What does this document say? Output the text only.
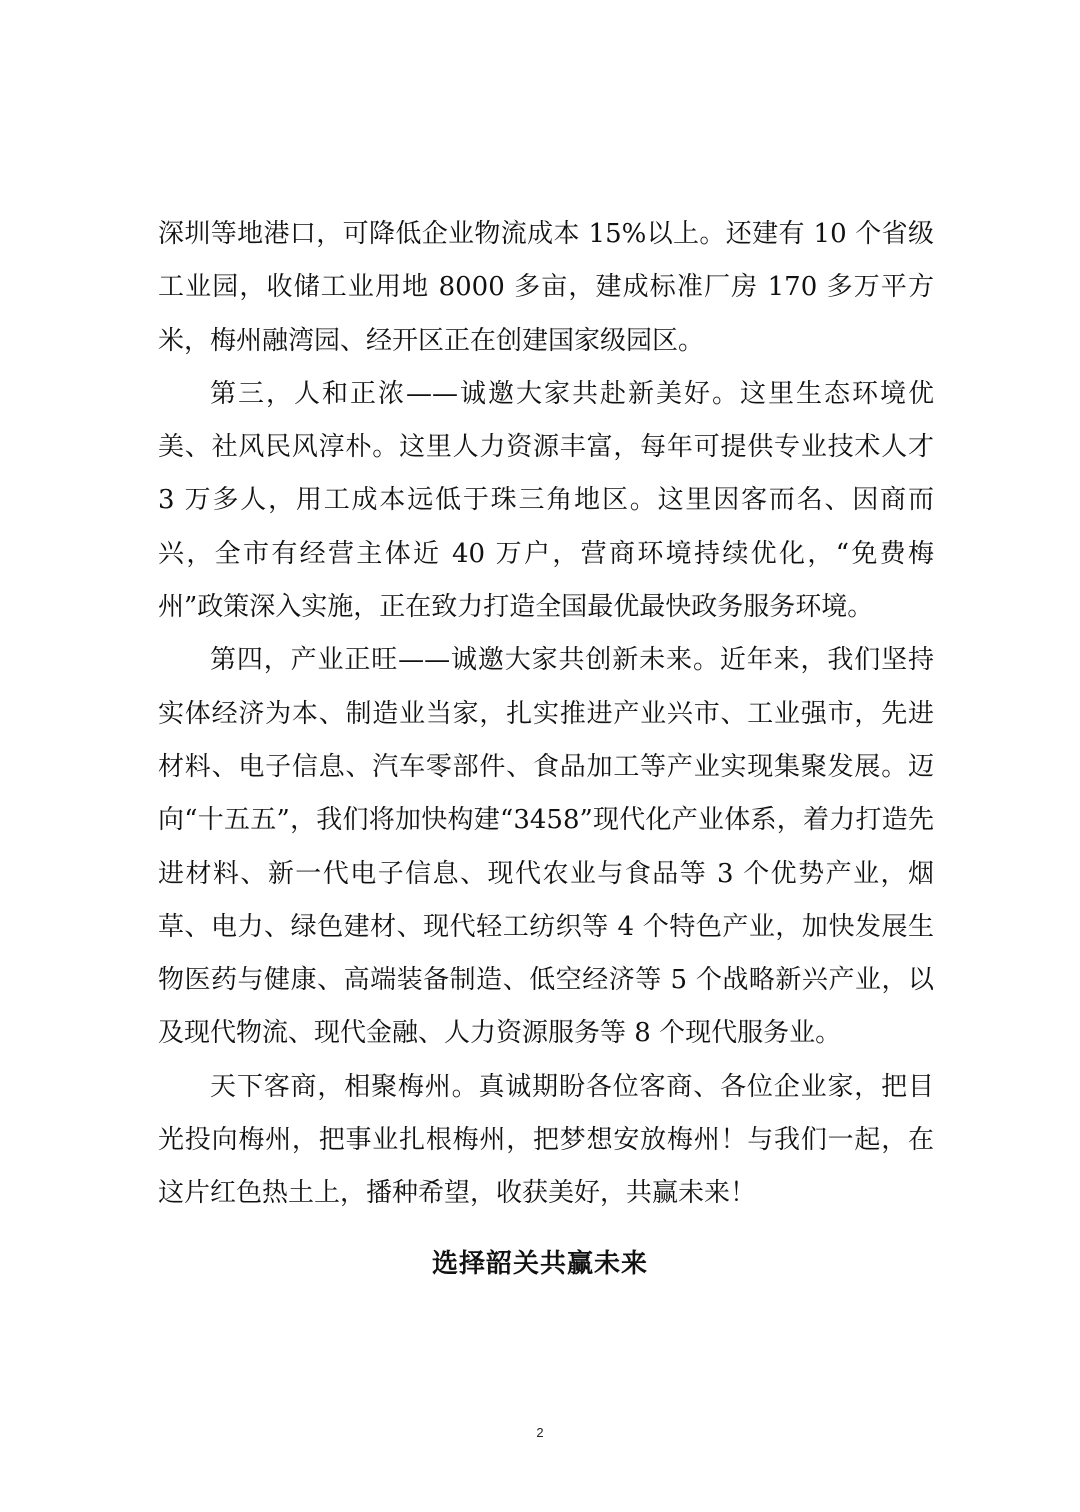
深圳等地港口，可降低企业物流成本 15%以上。还建有 10 个省级工业园，收储工业用地 8000 多亩，建成标准厂房 170 多万平方米，梅州融湾园、经开区正在创建国家级园区。

第三，人和正浓——诚邀大家共赴新美好。这里生态环境优美、社风民风淳朴。这里人力资源丰富，每年可提供专业技术人才 3 万多人，用工成本远低于珠三角地区。这里因客而名、因商而兴，全市有经营主体近 40 万户，营商环境持续优化，“免费梅州”政策深入实施，正在致力打造全国最优最快政务服务环境。

第四，产业正旺——诚邀大家共创新未来。近年来，我们坚持实体经济为本、制造业当家，扎实推进产业兴市、工业强市，先进材料、电子信息、汽车零部件、食品加工等产业实现集聚发展。迈向“十五五”，我们将加快构建“3458”现代化产业体系，着力打造先进材料、新一代电子信息、现代农业与食品等 3 个优势产业，烟草、电力、绿色建材、现代轻工纺织等 4 个特色产业，加快发展生物医药与健康、高端装备制造、低空经济等 5 个战略新兴产业，以及现代物流、现代金融、人力资源服务等 8 个现代服务业。

天下客商，相聚梅州。真诚期盼各位客商、各位企业家，把目光投向梅州，把事业扎根梅州，把梦想安放梅州！与我们一起，在这片红色热土上，播种希望，收获美好，共赢未来！

选择韶关共赢未来
2
